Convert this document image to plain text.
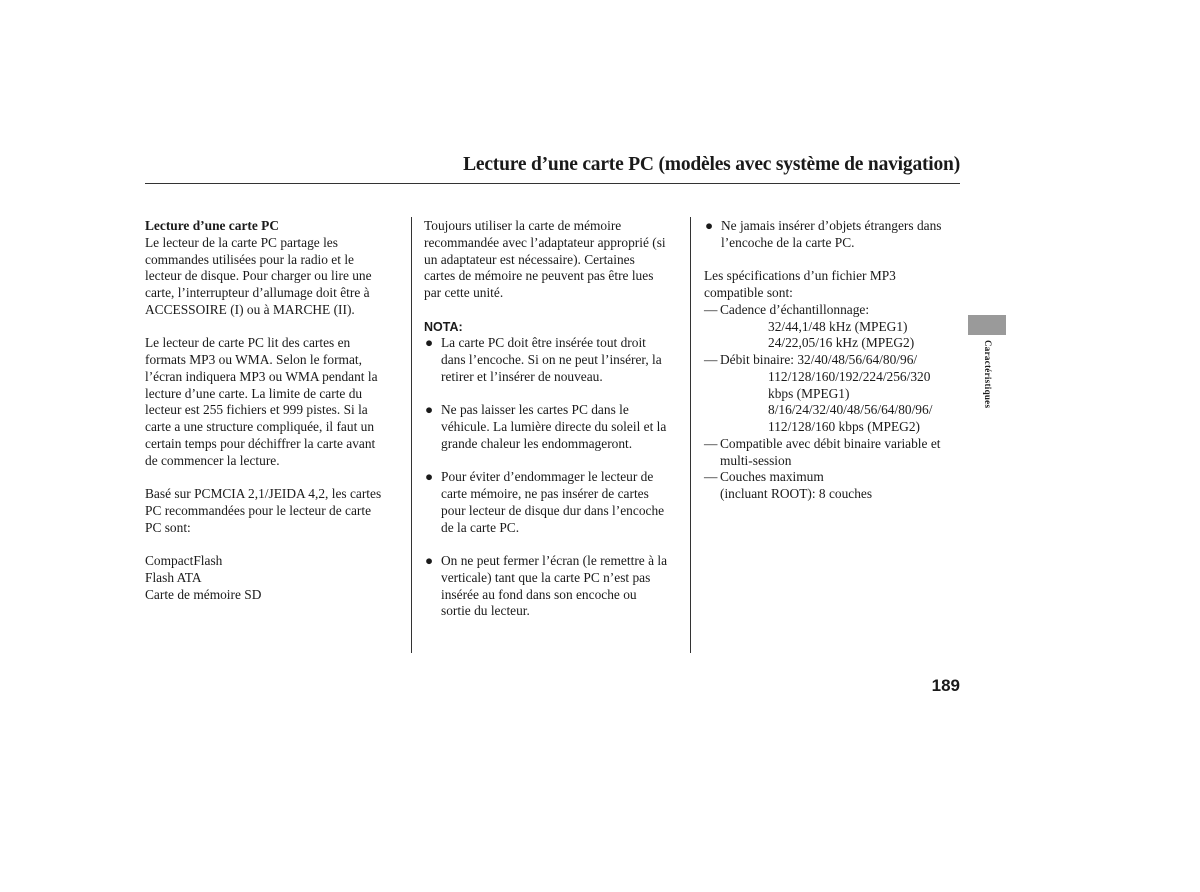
Lecture d’une carte PC (modèles avec système de navigation)

Lecture d’une carte PC

Le lecteur de la carte PC partage les

commandes utilisées pour la radio et le

lecteur de disque. Pour charger ou lire une

carte, l’interrupteur d’allumage doit être à

ACCESSOIRE (I) ou à MARCHE (II).

Le lecteur de carte PC lit des cartes en

formats MP3 ou WMA. Selon le format,

l’écran indiquera MP3 ou WMA pendant la

lecture d’une carte. La limite de carte du

lecteur est 255 fichiers et 999 pistes. Si la

carte a une structure compliquée, il faut un

certain temps pour déchiffrer la carte avant

de commencer la lecture.

Basé sur PCMCIA 2,1/JEIDA 4,2, les cartes

PC recommandées pour le lecteur de carte

PC sont:

CompactFlash

Flash ATA

Carte de mémoire SD

Toujours utiliser la carte de mémoire

recommandée avec l’adaptateur approprié (si

un adaptateur est nécessaire). Certaines

cartes de mémoire ne peuvent pas être lues

par cette unité.

NOTA:

● La carte PC doit être insérée tout droit

dans l’encoche. Si on ne peut l’insérer, la

retirer et l’insérer de nouveau.

● Ne pas laisser les cartes PC dans le

véhicule. La lumière directe du soleil et la

grande chaleur les endommageront.

● Pour éviter d’endommager le lecteur de

carte mémoire, ne pas insérer de cartes

pour lecteur de disque dur dans l’encoche

de la carte PC.

● On ne peut fermer l’écran (le remettre à la

verticale) tant que la carte PC n’est pas

insérée au fond dans son encoche ou

sortie du lecteur.

● Ne jamais insérer d’objets étrangers dans

l’encoche de la carte PC.

Les spécifications d’un fichier MP3

compatible sont:

— Cadence d’échantillonnage:

32/44,1/48 kHz (MPEG1)

24/22,05/16 kHz (MPEG2)

— Débit binaire: 32/40/48/56/64/80/96/

112/128/160/192/224/256/320

kbps (MPEG1)

8/16/24/32/40/48/56/64/80/96/

112/128/160 kbps (MPEG2)

— Compatible avec débit binaire variable et

multi-session

— Couches maximum

(incluant ROOT): 8 couches

Caractéristiques
189
